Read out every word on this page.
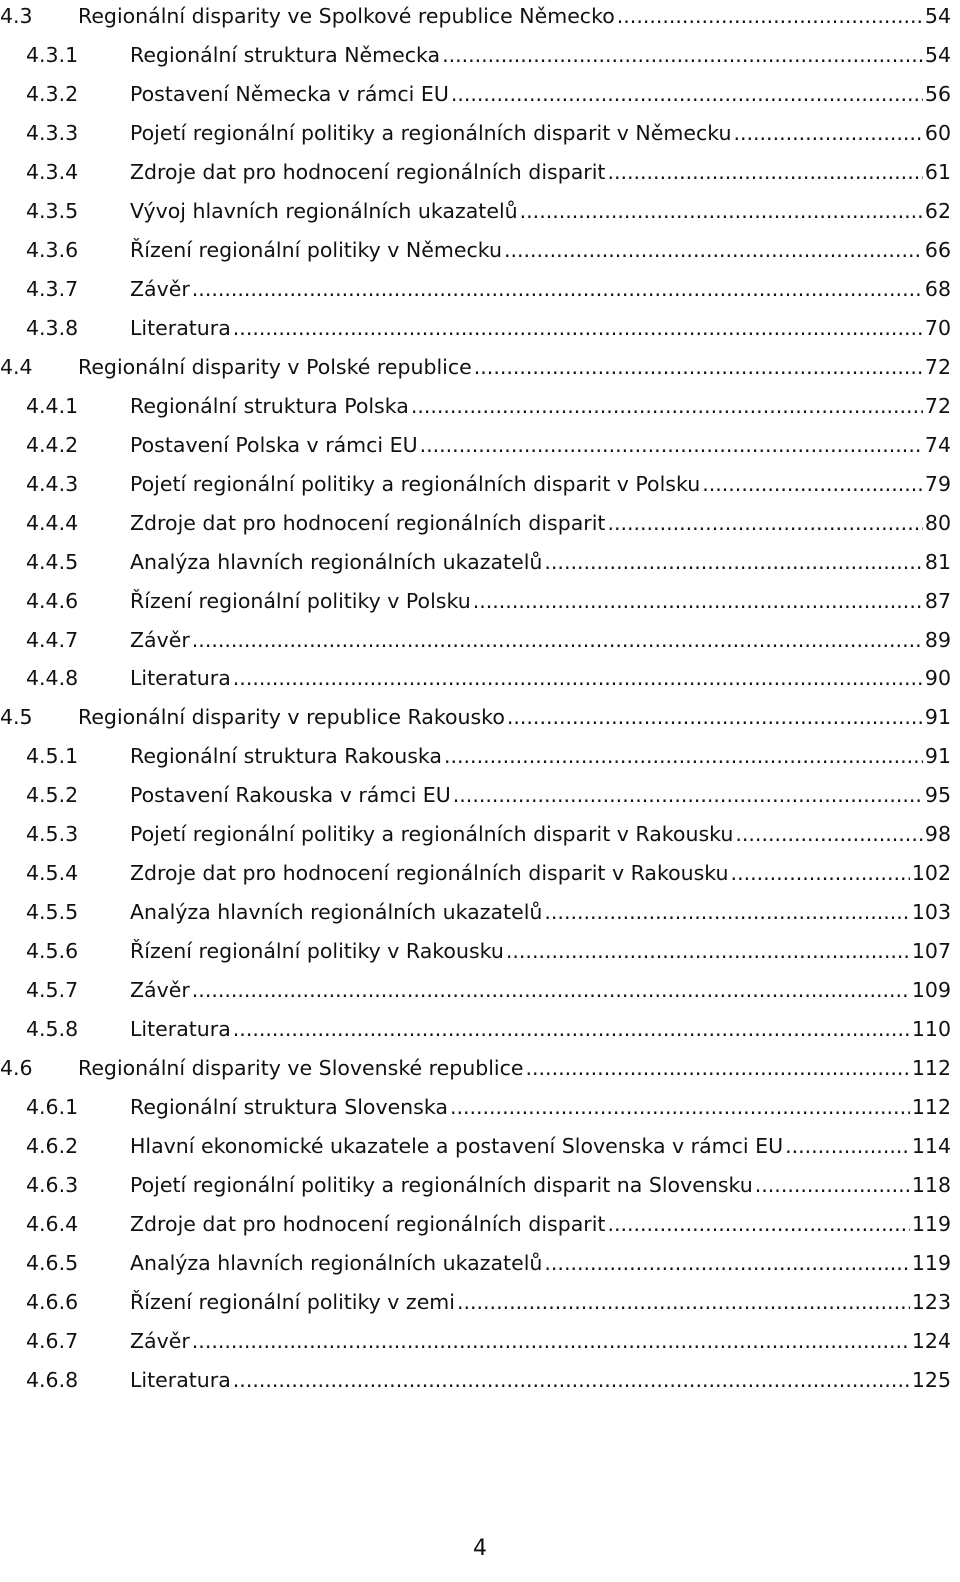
4.3 Regionální disparity ve Spolkové republice Německo .....	54
4.3.1	Regionální struktura Německa .....	54
4.3.2	Postavení Německa v rámci EU .....	56
4.3.3	Pojetí regionální politiky a regionálních disparit v Německu .....	60
4.3.4	Zdroje dat pro hodnocení regionálních disparit .....	61
4.3.5	Vývoj hlavních regionálních ukazatelů .....	62
4.3.6	Řízení regionální politiky v Německu .....	66
4.3.7	Závěr .....	68
4.3.8	Literatura .....	70
4.4 Regionální disparity v Polské republice .....	72
4.4.1	Regionální struktura Polska .....	72
4.4.2	Postavení Polska v rámci EU .....	74
4.4.3	Pojetí regionální politiky a regionálních disparit v Polsku .....	79
4.4.4	Zdroje dat pro hodnocení regionálních disparit .....	80
4.4.5	Analýza hlavních regionálních ukazatelů .....	81
4.4.6	Řízení regionální politiky v Polsku .....	87
4.4.7	Závěr .....	89
4.4.8	Literatura .....	90
4.5 Regionální disparity v republice Rakousko .....	91
4.5.1	Regionální struktura Rakouska .....	91
4.5.2	Postavení Rakouska v rámci EU .....	95
4.5.3	Pojetí regionální politiky a regionálních disparit v Rakousku .....	98
4.5.4	Zdroje dat pro hodnocení regionálních disparit v Rakousku .....	102
4.5.5	Analýza hlavních regionálních ukazatelů .....	103
4.5.6	Řízení regionální politiky v Rakousku .....	107
4.5.7	Závěr .....	109
4.5.8	Literatura .....	110
4.6 Regionální disparity ve Slovenské republice .....	112
4.6.1	Regionální struktura Slovenska .....	112
4.6.2	Hlavní ekonomické ukazatele a postavení Slovenska v rámci EU .....	114
4.6.3	Pojetí regionální politiky a regionálních disparit na Slovensku .....	118
4.6.4	Zdroje dat pro hodnocení regionálních disparit .....	119
4.6.5	Analýza hlavních regionálních ukazatelů .....	119
4.6.6	Řízení regionální politiky v zemi .....	123
4.6.7	Závěr .....	124
4.6.8	Literatura .....	125
4
